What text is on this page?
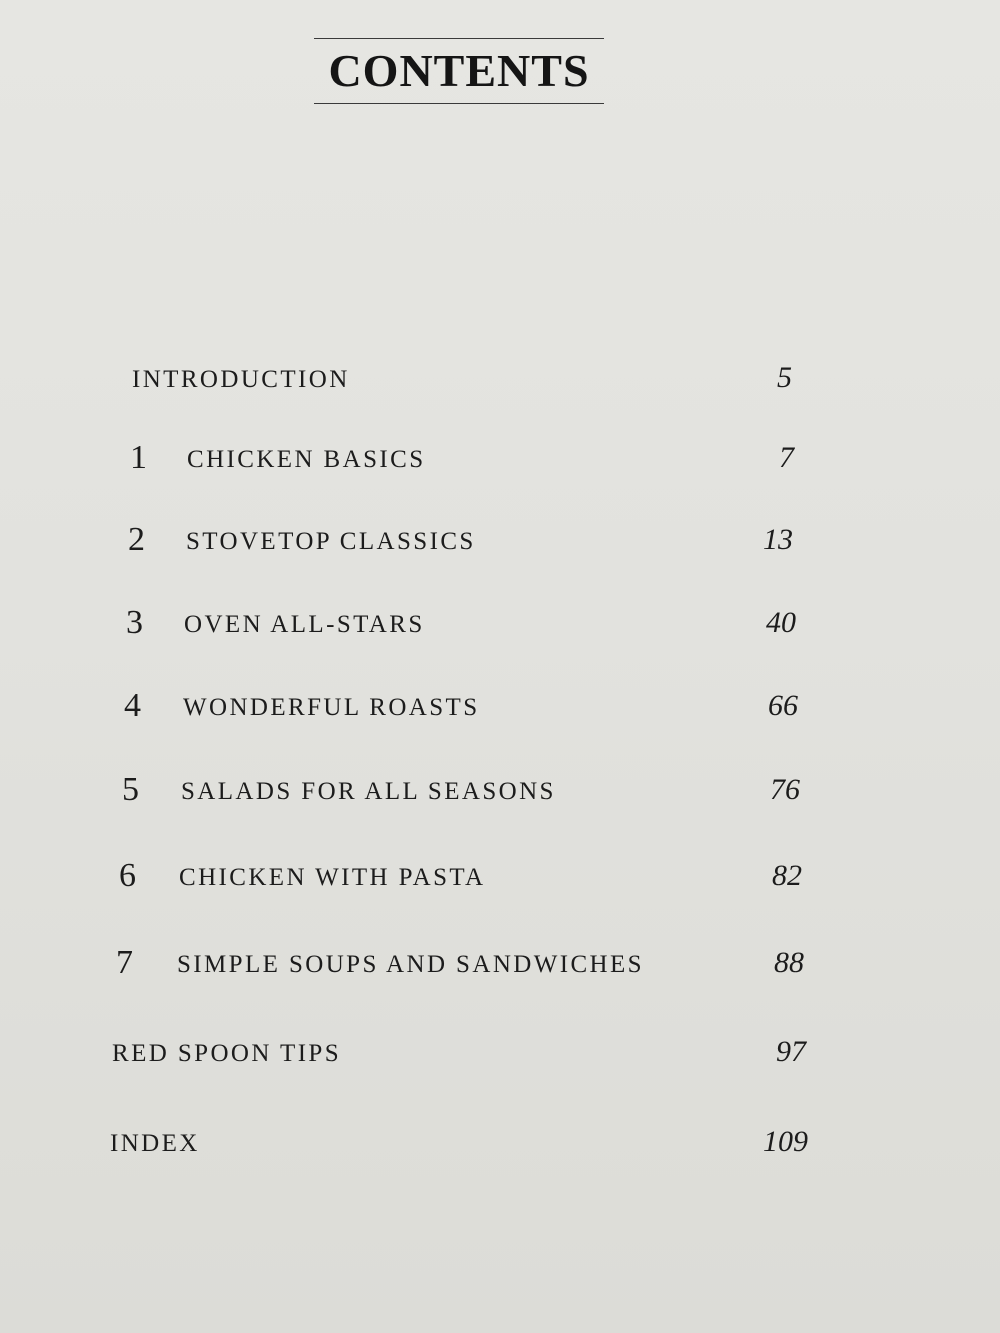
CONTENTS
INTRODUCTION	5
1 CHICKEN BASICS	7
2 STOVETOP CLASSICS	13
3 OVEN ALL-STARS	40
4 WONDERFUL ROASTS	66
5 SALADS FOR ALL SEASONS	76
6 CHICKEN WITH PASTA	82
7 SIMPLE SOUPS AND SANDWICHES	88
RED SPOON TIPS	97
INDEX	109
